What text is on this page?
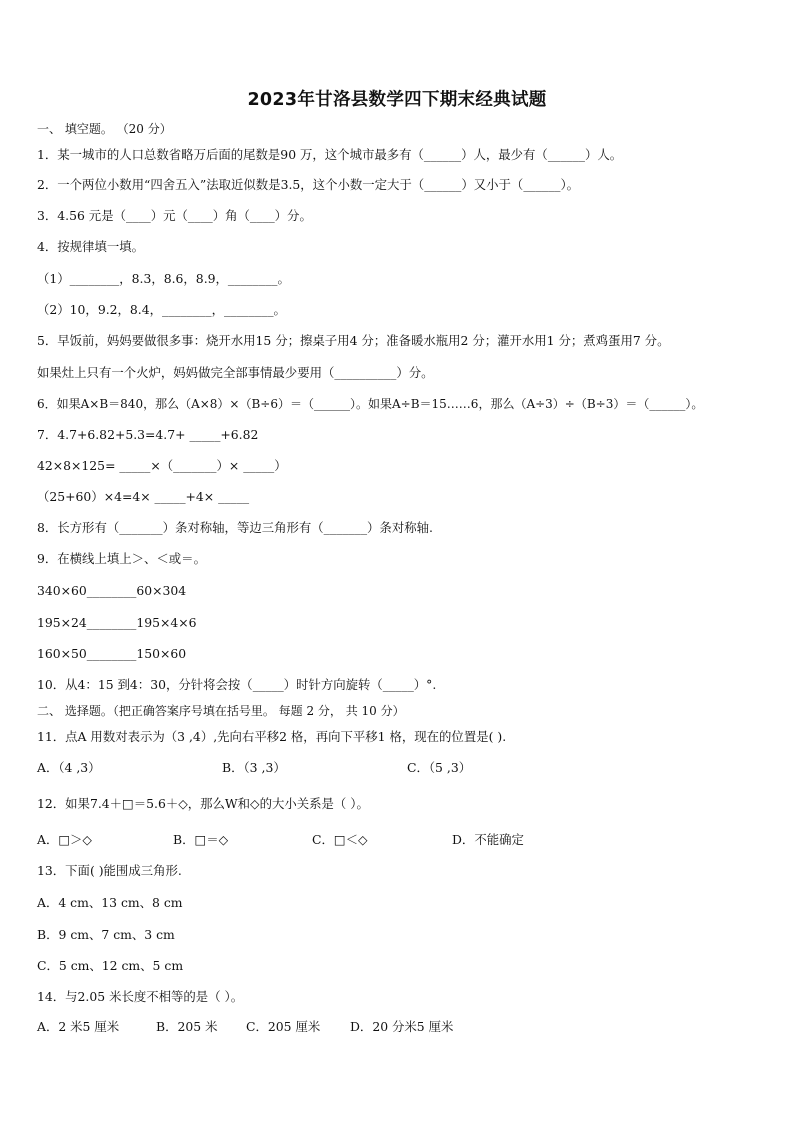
2023年甘洛县数学四下期末经典试题
一、 填空题。 （20 分）
1．某一城市的人口总数省略万后面的尾数是90 万，这个城市最多有（______）人，最少有（______）人。
2．一个两位小数用“四舍五入”法取近似数是3.5，这个小数一定大于（______）又小于（______）。
3．4.56 元是（____）元（____）角（____）分。
4．按规律填一填。
（1）________，8.3，8.6，8.9，________。
（2）10，9.2，8.4，________，________。
5．早饭前，妈妈要做很多事：烧开水用15 分；擦桌子用4 分；准备暖水瓶用2 分；灌开水用1 分；煮鸡蛋用7 分。
如果灶上只有一个火炉，妈妈做完全部事情最少要用（__________）分。
6．如果A×B＝840，那么（A×8）×（B÷6）＝（______）。如果A÷B＝15……6，那么（A÷3）÷（B÷3）＝（______）。
7．4.7+6.82+5.3=4.7+ _____+6.82
42×8×125= _____×（_______）× _____）
（25+60）×4=4× _____+4× _____
8．长方形有（_______）条对称轴，等边三角形有（_______）条对称轴.
9．在横线上填上＞、＜或＝。
340×60________60×304
195×24________195×4×6
160×50________150×60
10．从4：15 到4：30，分针将会按（_____）时针方向旋转（_____）°.
二、 选择题。（把正确答案序号填在括号里。 每题 2 分， 共 10 分）
11．点A 用数对表示为（3 ,4）,先向右平移2 格，再向下平移1 格，现在的位置是( ).
A．（4 ,3）	B．（3 ,3）	C．（5 ,3）
12．如果7.4＋□＝5.6＋◇，那么W和◇的大小关系是（ ）。
A．□＞◇	B．□＝◇	C．□＜◇	D．不能确定
13．下面( )能围成三角形.
A．4 cm、13 cm、8 cm
B．9 cm、7 cm、3 cm
C．5 cm、12 cm、5 cm
14．与2.05 米长度不相等的是（ ）。
A．2 米5 厘米	B．205 米 C．205 厘米 D．20 分米5 厘米
